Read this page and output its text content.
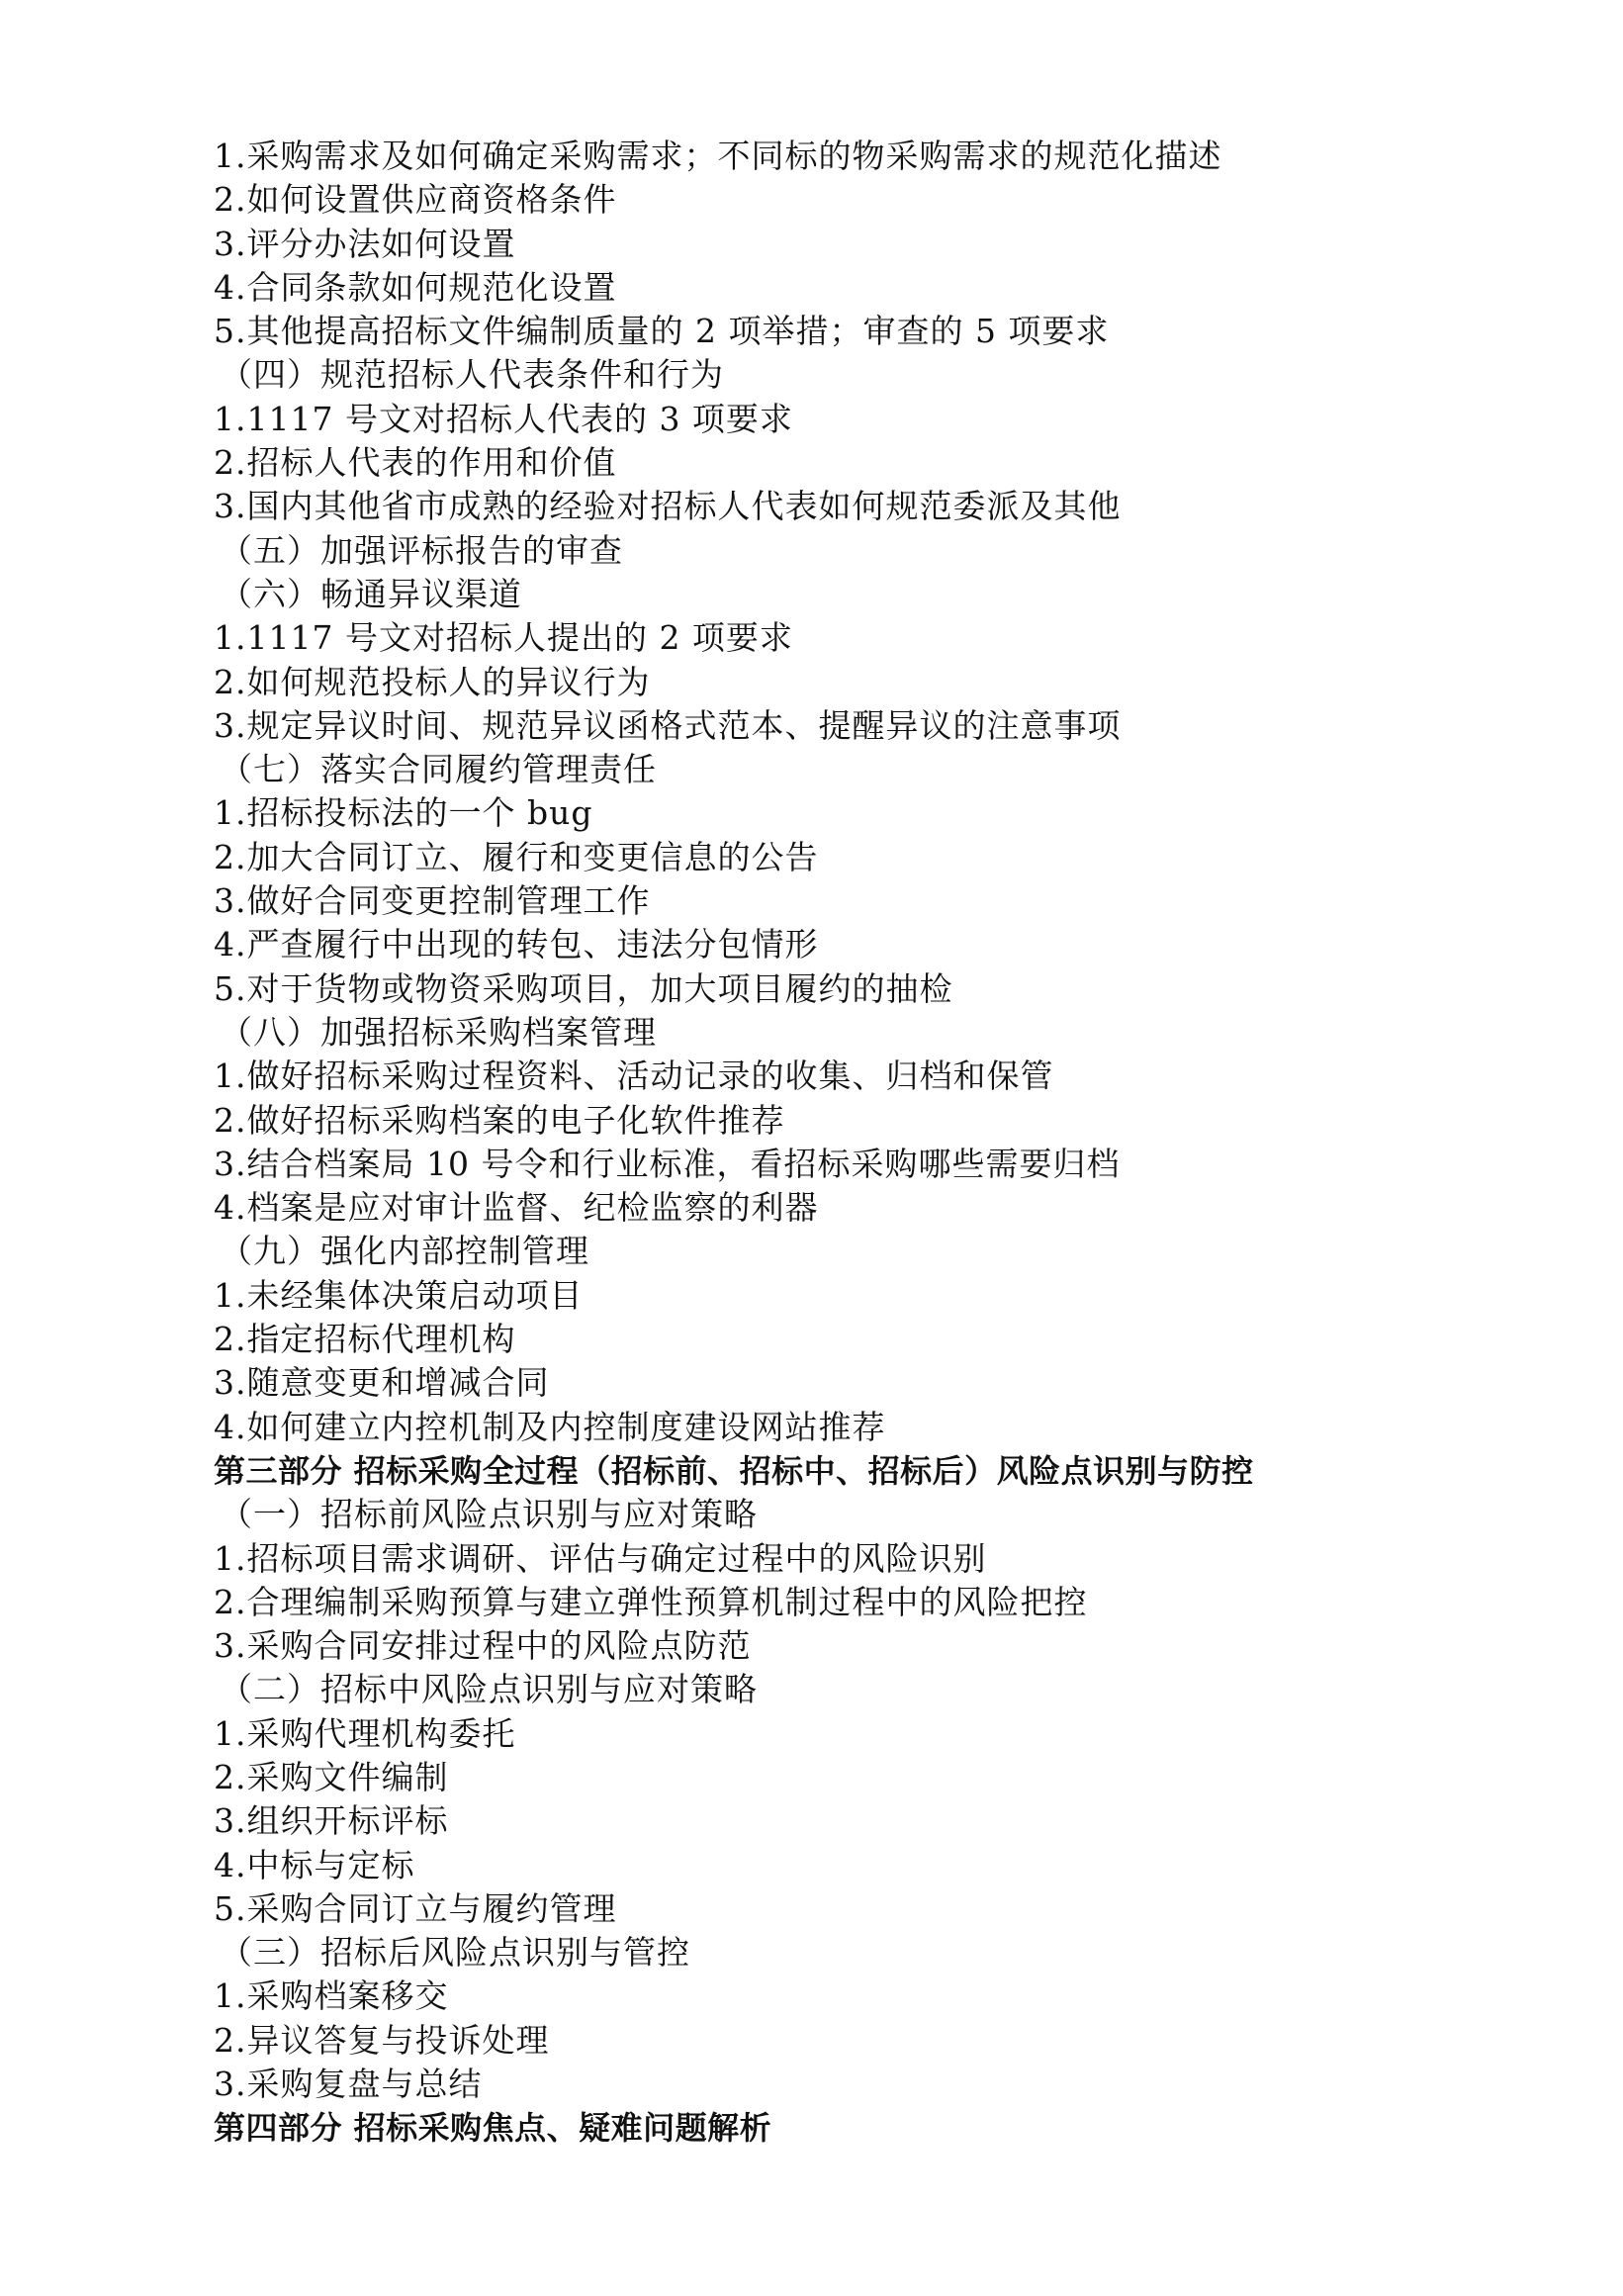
1.采购需求及如何确定采购需求；不同标的物采购需求的规范化描述
2.如何设置供应商资格条件
3.评分办法如何设置
4.合同条款如何规范化设置
5.其他提高招标文件编制质量的 2 项举措；审查的 5 项要求
（四）规范招标人代表条件和行为
1.1117 号文对招标人代表的 3 项要求
2.招标人代表的作用和价值
3.国内其他省市成熟的经验对招标人代表如何规范委派及其他
（五）加强评标报告的审查
（六）畅通异议渠道
1.1117 号文对招标人提出的 2 项要求
2.如何规范投标人的异议行为
3.规定异议时间、规范异议函格式范本、提醒异议的注意事项
（七）落实合同履约管理责任
1.招标投标法的一个 bug
2.加大合同订立、履行和变更信息的公告
3.做好合同变更控制管理工作
4.严查履行中出现的转包、违法分包情形
5.对于货物或物资采购项目，加大项目履约的抽检
（八）加强招标采购档案管理
1.做好招标采购过程资料、活动记录的收集、归档和保管
2.做好招标采购档案的电子化软件推荐
3.结合档案局 10 号令和行业标准，看招标采购哪些需要归档
4.档案是应对审计监督、纪检监察的利器
（九）强化内部控制管理
1.未经集体决策启动项目
2.指定招标代理机构
3.随意变更和增减合同
4.如何建立内控机制及内控制度建设网站推荐
第三部分 招标采购全过程（招标前、招标中、招标后）风险点识别与防控
（一）招标前风险点识别与应对策略
1.招标项目需求调研、评估与确定过程中的风险识别
2.合理编制采购预算与建立弹性预算机制过程中的风险把控
3.采购合同安排过程中的风险点防范
（二）招标中风险点识别与应对策略
1.采购代理机构委托
2.采购文件编制
3.组织开标评标
4.中标与定标
5.采购合同订立与履约管理
（三）招标后风险点识别与管控
1.采购档案移交
2.异议答复与投诉处理
3.采购复盘与总结
第四部分 招标采购焦点、疑难问题解析
